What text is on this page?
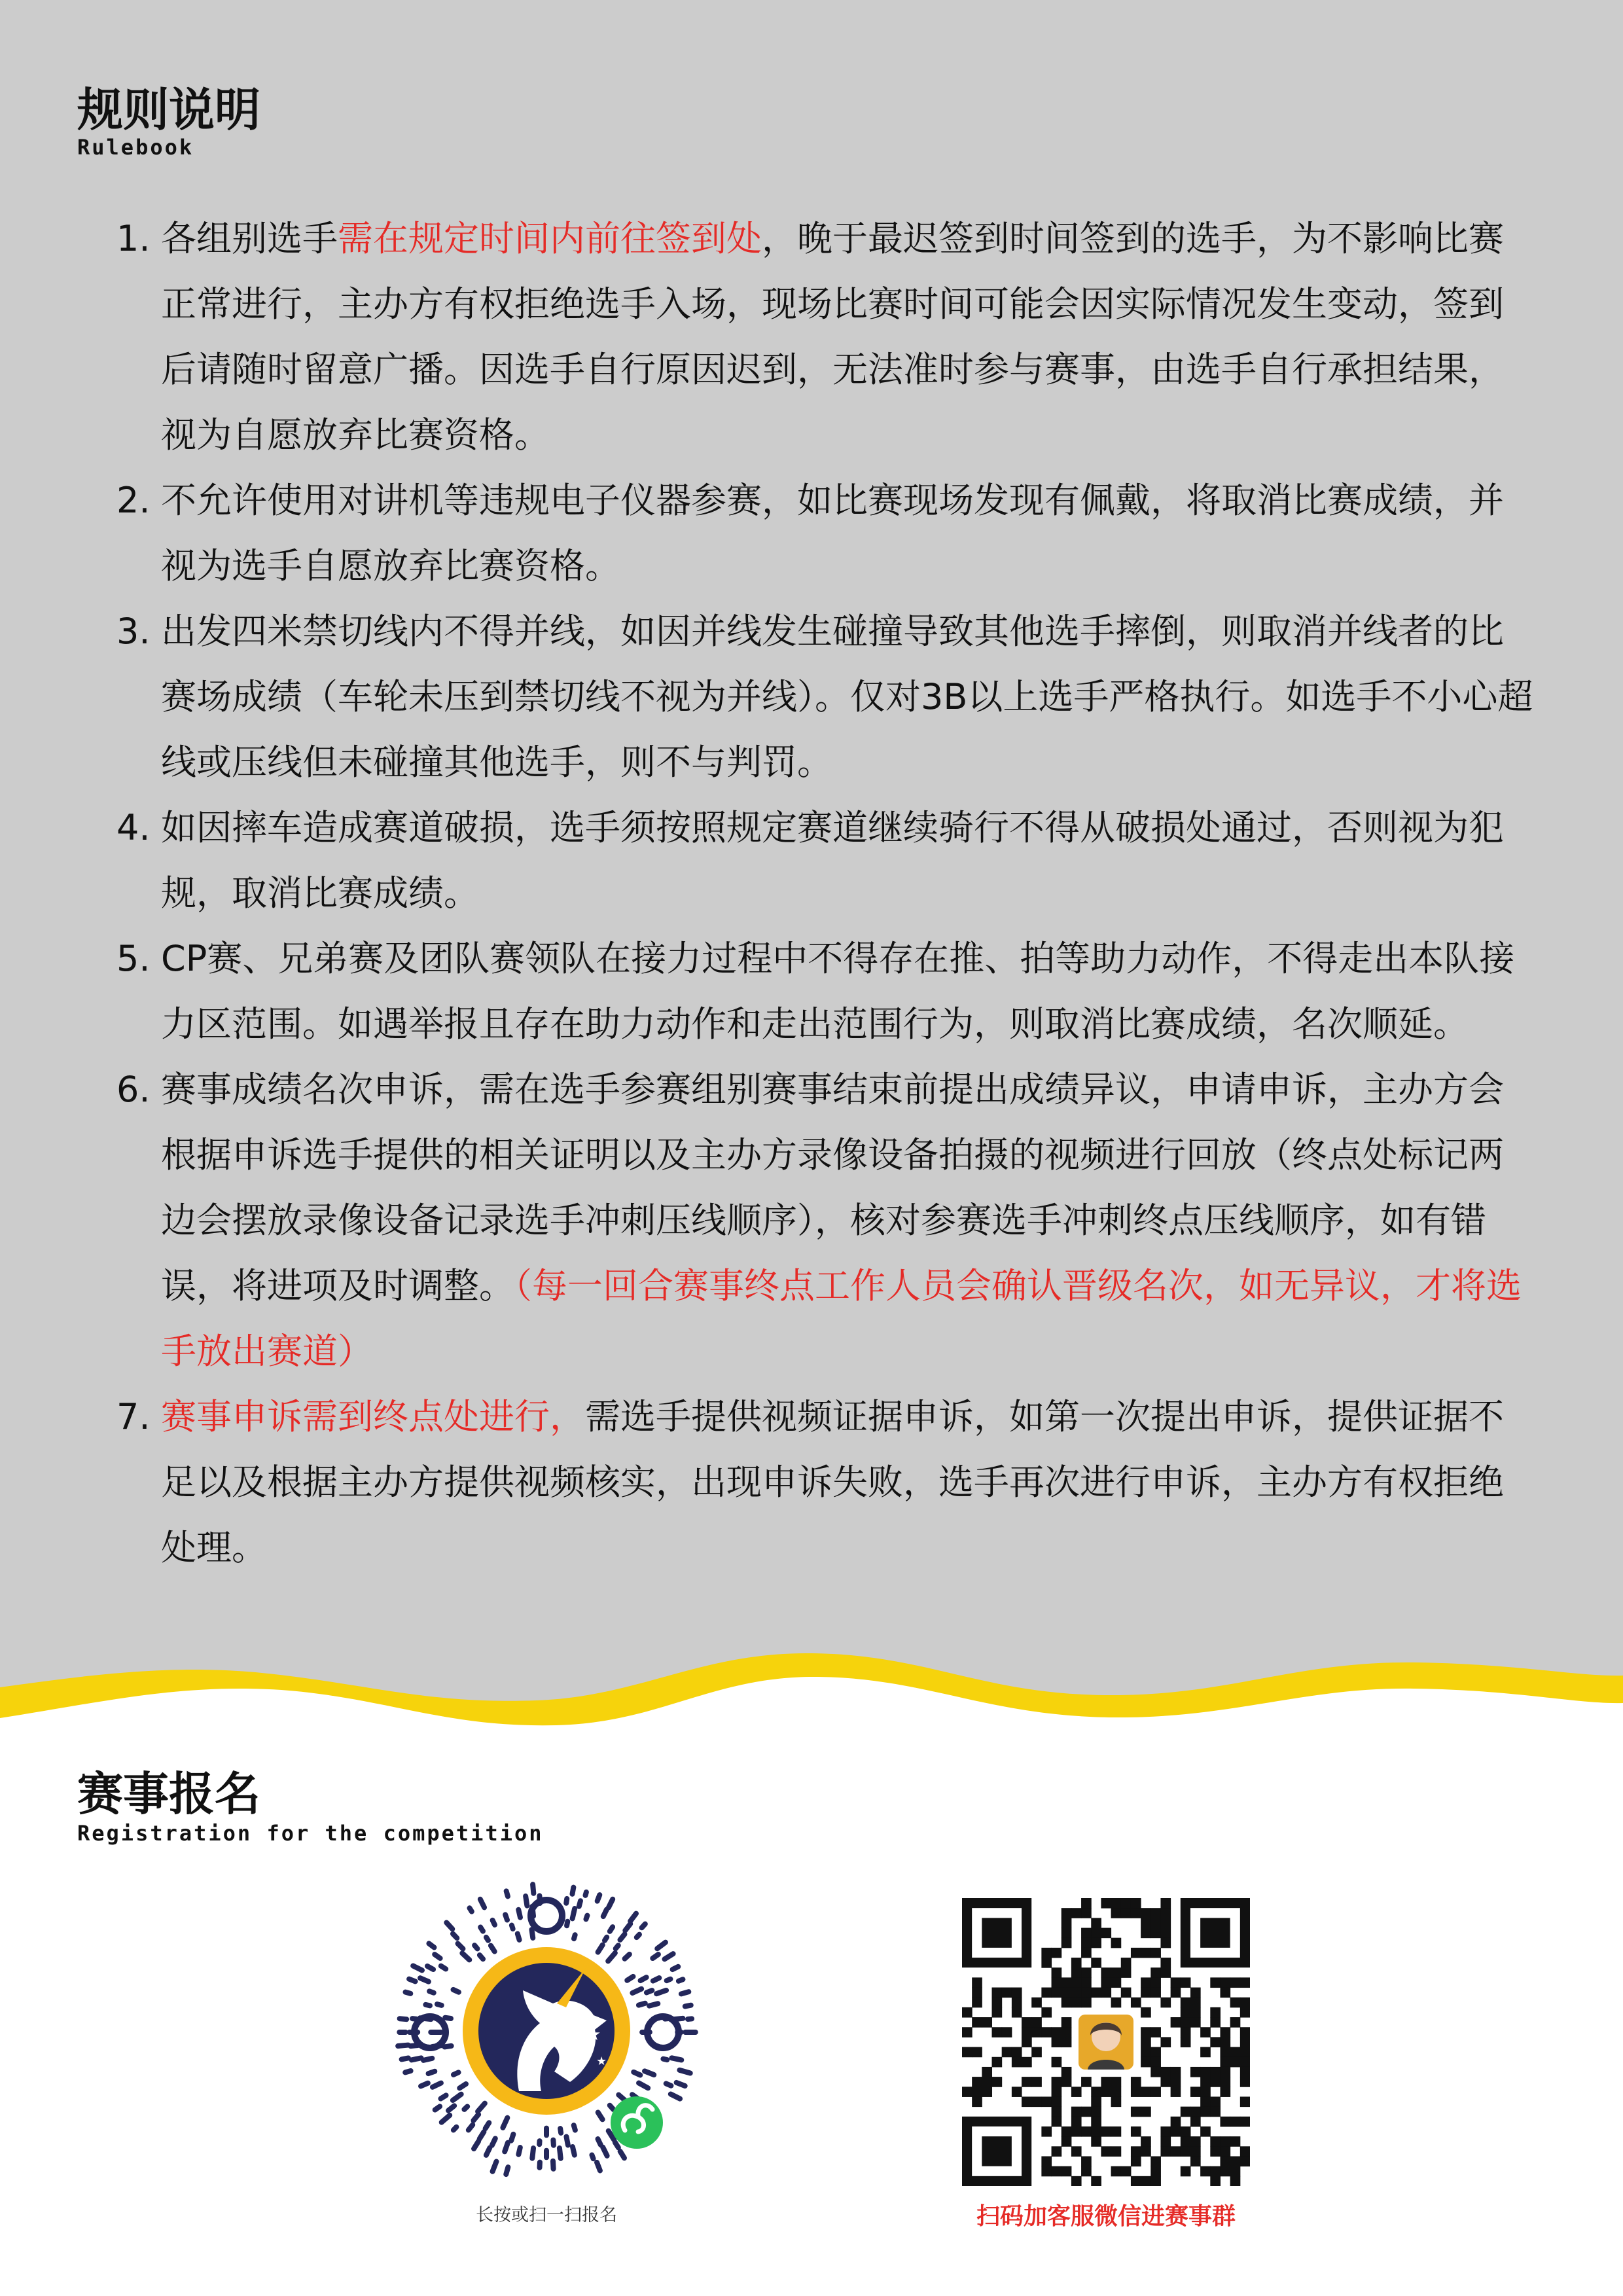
规则说明

Rulebook

1. 各组别选手需在规定时间内前往签到处，晚于最迟签到时间签到的选手，为不影响比赛正常进行，主办方有权拒绝选手入场，现场比赛时间可能会因实际情况发生变动，签到后请随时留意广播。因选手自行原因迟到，无法准时参与赛事，由选手自行承担结果，视为自愿放弃比赛资格。
2. 不允许使用对讲机等违规电子仪器参赛，如比赛现场发现有佩戴，将取消比赛成绩，并视为选手自愿放弃比赛资格。
3. 出发四米禁切线内不得并线，如因并线发生碰撞导致其他选手摔倒，则取消并线者的比赛场成绩（车轮未压到禁切线不视为并线）。仅对3B以上选手严格执行。如选手不小心超线或压线但未碰撞其他选手，则不与判罚。
4. 如因摔车造成赛道破损，选手须按照规定赛道继续骑行不得从破损处通过，否则视为犯规，取消比赛成绩。
5. CP赛、兄弟赛及团队赛领队在接力过程中不得存在推、拍等助力动作，不得走出本队接力区范围。如遇举报且存在助力动作和走出范围行为，则取消比赛成绩，名次顺延。
6. 赛事成绩名次申诉，需在选手参赛组别赛事结束前提出成绩异议，申请申诉，主办方会根据申诉选手提供的相关证明以及主办方录像设备拍摄的视频进行回放（终点处标记两边会摆放录像设备记录选手冲刺压线顺序），核对参赛选手冲刺终点压线顺序，如有错误，将进项及时调整。（每一回合赛事终点工作人员会确认晋级名次，如无异议，才将选手放出赛道）
7. 赛事申诉需到终点处进行，需选手提供视频证据申诉，如第一次提出申诉，提供证据不足以及根据主办方提供视频核实，出现申诉失败，选手再次进行申诉，主办方有权拒绝处理。
赛事报名

Registration for the competition

★
★

长按或扫一扫报名	扫码加客服微信进赛事群
